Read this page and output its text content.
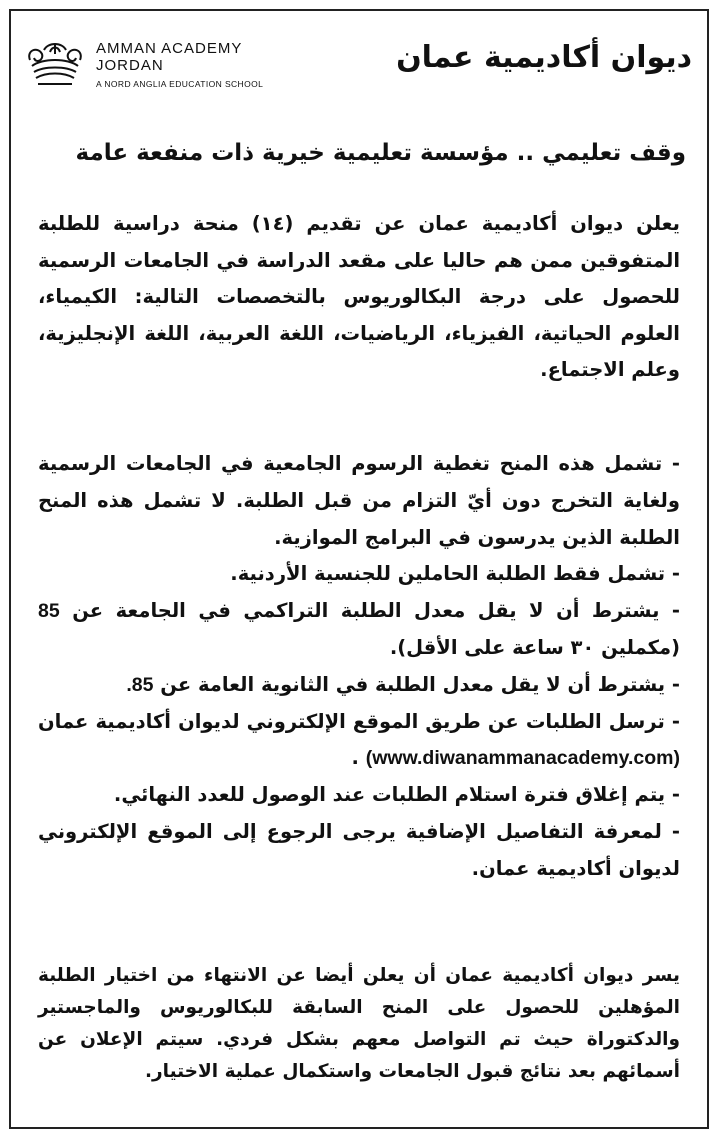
AMMAN ACADEMY
JORDAN
A NORD ANGLIA EDUCATION SCHOOL
ديوان أكاديمية عمان
وقف تعليمي .. مؤسسة تعليمية خيرية ذات منفعة عامة
يعلن ديوان أكاديمية عمان عن تقديم (١٤) منحة دراسية للطلبة المتفوقين ممن هم حاليا على مقعد الدراسة في الجامعات الرسمية للحصول على درجة البكالوريوس بالتخصصات التالية: الكيمياء، العلوم الحياتية، الفيزياء، الرياضيات، اللغة العربية، اللغة الإنجليزية، وعلم الاجتماع.

- تشمل هذه المنح تغطية الرسوم الجامعية في الجامعات الرسمية ولغاية التخرج دون أيّ التزام من قبل الطلبة. لا تشمل هذه المنح الطلبة الذين يدرسون في البرامج الموازية.

- تشمل فقط الطلبة الحاملين للجنسية الأردنية.

- يشترط أن لا يقل معدل الطلبة التراكمي في الجامعة عن 85 (مكملين ٣٠ ساعة على الأقل).

- يشترط أن لا يقل معدل الطلبة في الثانوية العامة عن 85.

- ترسل الطلبات عن طريق الموقع الإلكتروني لديوان أكاديمية عمان (www.diwanammanacademy.com) .

- يتم إغلاق فترة استلام الطلبات عند الوصول للعدد النهائي.

- لمعرفة التفاصيل الإضافية يرجى الرجوع إلى الموقع الإلكتروني لديوان أكاديمية عمان.

يسر ديوان أكاديمية عمان أن يعلن أيضا عن الانتهاء من اختيار الطلبة المؤهلين للحصول على المنح السابقة للبكالوريوس والماجستير والدكتوراة حيث تم التواصل معهم بشكل فردي. سيتم الإعلان عن أسمائهم بعد نتائج قبول الجامعات واستكمال عملية الاختيار.
